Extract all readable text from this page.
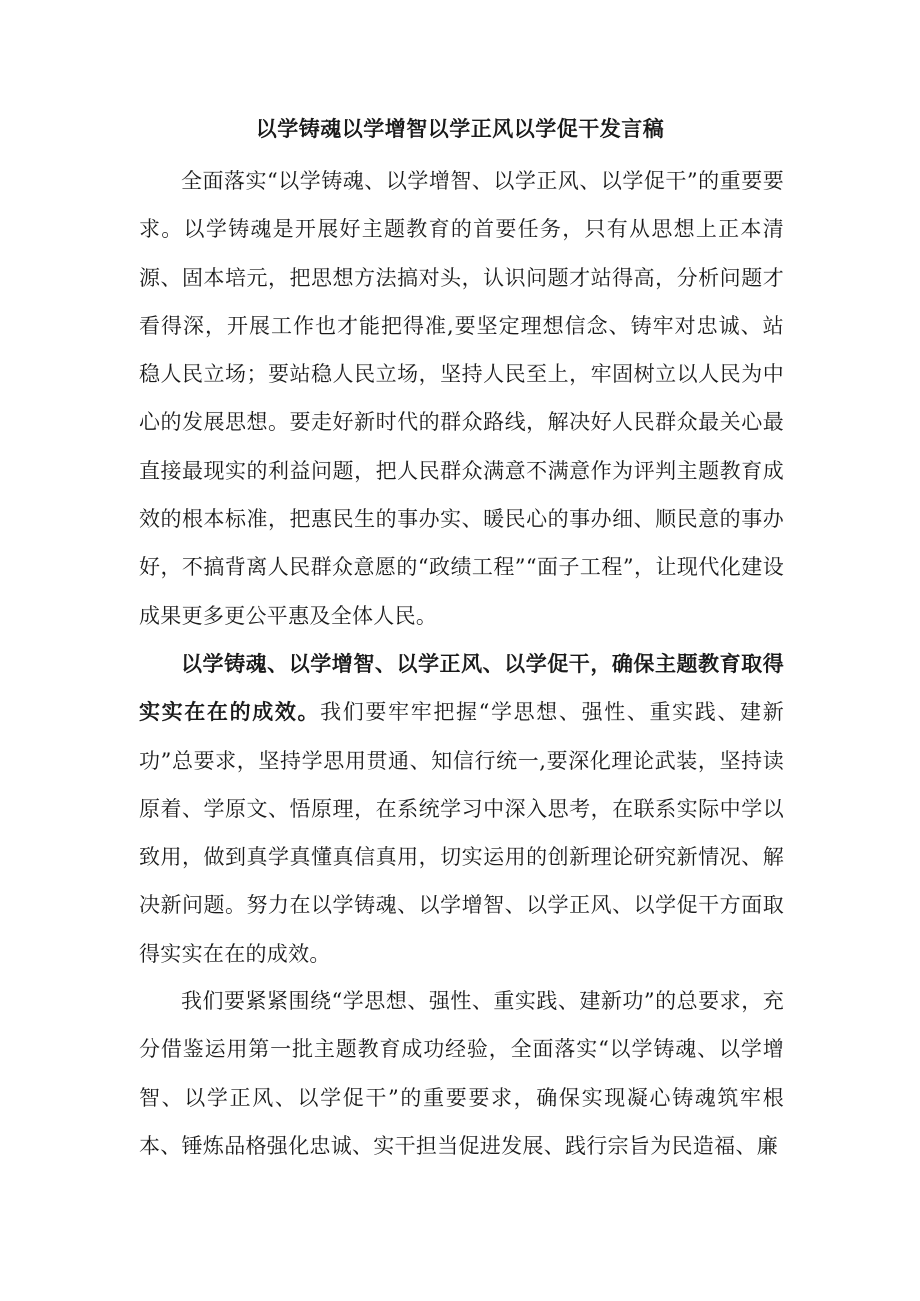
以学铸魂以学增智以学正风以学促干发言稿

全面落实“以学铸魂、以学增智、以学正风、以学促干”的重要要求。以学铸魂是开展好主题教育的首要任务，只有从思想上正本清源、固本培元，把思想方法搞对头，认识问题才站得高，分析问题才看得深，开展工作也才能把得准,要坚定理想信念、铸牢对忠诚、站稳人民立场；要站稳人民立场，坚持人民至上，牢固树立以人民为中心的发展思想。要走好新时代的群众路线，解决好人民群众最关心最直接最现实的利益问题，把人民群众满意不满意作为评判主题教育成效的根本标准，把惠民生的事办实、暖民心的事办细、顺民意的事办好，不搞背离人民群众意愿的“政绩工程”“面子工程”，让现代化建设成果更多更公平惠及全体人民。

以学铸魂、以学增智、以学正风、以学促干，确保主题教育取得实实在在的成效。我们要牢牢把握“学思想、强性、重实践、建新功”总要求，坚持学思用贯通、知信行统一,要深化理论武装，坚持读原着、学原文、悟原理，在系统学习中深入思考，在联系实际中学以致用，做到真学真懂真信真用，切实运用的创新理论研究新情况、解决新问题。努力在以学铸魂、以学增智、以学正风、以学促干方面取得实实在在的成效。

我们要紧紧围绕“学思想、强性、重实践、建新功”的总要求，充分借鉴运用第一批主题教育成功经验，全面落实“以学铸魂、以学增智、以学正风、以学促干”的重要要求，确保实现凝心铸魂筑牢根本、锤炼品格强化忠诚、实干担当促进发展、践行宗旨为民造福、廉
